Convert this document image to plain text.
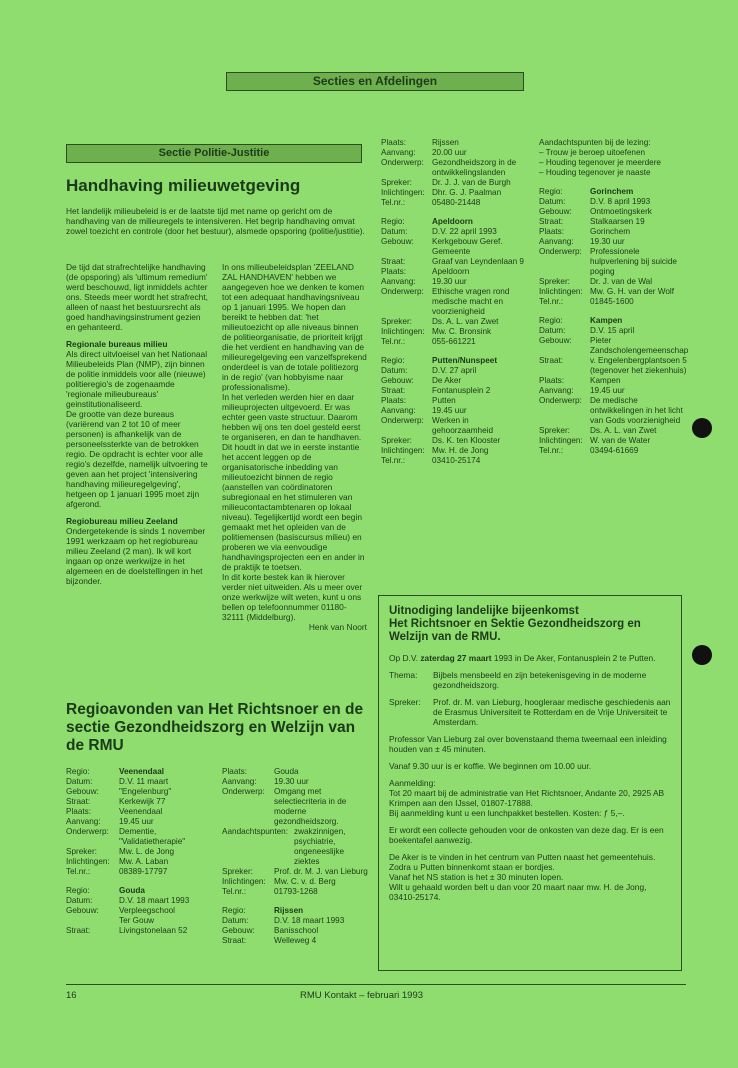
Secties en Afdelingen
Sectie Politie-Justitie
Handhaving milieuwetgeving

Het landelijk milieubeleid is er de laatste tijd met name op gericht om de handhaving van de milieuregels te intensiveren. Het begrip handhaving omvat zowel toezicht en controle (door het bestuur), alsmede opsporing (politie/justitie).

De tijd dat strafrechtelijke handhaving (de opsporing) als 'ultimum remedium' werd beschouwd, ligt inmiddels achter ons. Steeds meer wordt het strafrecht, alleen of naast het bestuursrecht als goed handhavingsinstrument gezien en gehanteerd.

Regionale bureaus milieu

Als direct uitvloeisel van het Nationaal Milieubeleids Plan (NMP), zijn binnen de politie inmiddels voor alle (nieuwe) politieregio's de zogenaamde 'regionale milieubureaus' geinstitutionaliseerd.

De grootte van deze bureaus (variërend van 2 tot 10 of meer personen) is afhankelijk van de personeelssterkte van de betrokken regio. De opdracht is echter voor alle regio's dezelfde, namelijk uitvoering te geven aan het project 'intensivering handhaving milieuregelgeving', hetgeen op 1 januari 1995 moet zijn afgerond.

Regiobureau milieu Zeeland

Ondergetekende is sinds 1 november 1991 werkzaam op het regiobureau milieu Zeeland (2 man). Ik wil kort ingaan op onze werkwijze in het algemeen en de doelstellingen in het bijzonder.

In ons milieubeleidsplan 'ZEELAND ZAL HANDHAVEN' hebben we aangegeven hoe we denken te komen tot een adequaat handhavingsniveau op 1 januari 1995. We hopen dan bereikt te hebben dat: 'het milieutoezicht op alle niveaus binnen de politieorganisatie, de prioriteit krijgt die het verdient en handhaving van de milieuregelgeving een vanzelfsprekend onderdeel is van de totale politiezorg in de regio' (van hobbyisme naar professionalisme).

In het verleden werden hier en daar milieuprojecten uitgevoerd. Er was echter geen vaste structuur. Daarom hebben wij ons ten doel gesteld eerst te organiseren, en dan te handhaven. Dit houdt in dat we in eerste instantie het accent leggen op de organisatorische inbedding van milieutoezicht binnen de regio (aanstellen van coördinatoren subregionaal en het stimuleren van milieucontactambtenaren op lokaal niveau). Tegelijkertijd wordt een begin gemaakt met het opleiden van de politiemensen (basiscursus milieu) en proberen we via eenvoudige handhavingsprojecten een en ander in de praktijk te toetsen.

In dit korte bestek kan ik hierover verder niet uitweiden. Als u meer over onze werkwijze wilt weten, kunt u ons bellen op telefoonnummer 01180-32111 (Middelburg).

Henk van Noort
Regioavonden van Het Richtsnoer en de sectie Gezondheidszorg en Welzijn van de RMU
Regio:	Veenendaal
Datum:	D.V. 11 maart
Gebouw:	"Engelenburg"
Straat:	Kerkewijk 77
Plaats:	Veenendaal
Aanvang:	19.45 uur
Onderwerp:	Dementie, "Validatietherapie"
Spreker:	Mw. L. de Jong
Inlichtingen:	Mw. A. Laban
Tel.nr.:	08389-17797
Regio:	Gouda
Datum:	D.V. 18 maart 1993
Gebouw:	Verpleegschool Ter Gouw
Straat:	Livingstonelaan 52
Plaats:	Gouda
Aanvang:	19.30 uur
Onderwerp:	Omgang met selectiecriteria in de moderne gezondheidszorg.
Aandachtspunten: zwakzinnigen, psychiatrie, ongeneeslijke ziektes
Spreker:	Prof. dr. M. J. van Lieburg
Inlichtingen:	Mw. C. v. d. Berg
Tel.nr.:	01793-1268
Regio:	Rijssen
Datum:	D.V. 18 maart 1993
Gebouw:	Banisschool
Straat:	Welleweg 4
Plaats:	Rijssen
Aanvang:	20.00 uur
Onderwerp:	Gezondheidszorg in de ontwikkelingslanden
Spreker:	Dr. J. J. van de Burgh
Inlichtingen: Dhr. G. J. Paalman
Tel.nr.:	05480-21448
Regio:	Apeldoorn
Datum:	D.V. 22 april 1993
Gebouw:	Kerkgebouw Geref. Gemeente
Straat:	Graaf van Leyndenlaan 9
Plaats:	Apeldoorn
Aanvang:	19.30 uur
Onderwerp:	Ethische vragen rond medische macht en voorzienigheid
Spreker:	Ds. A. L. van Zwet
Inlichtingen: Mw. C. Bronsink
Tel.nr.:	055-661221
Regio:	Putten/Nunspeet
Datum:	D.V. 27 april
Gebouw:	De Aker
Straat:	Fontanusplein 2
Plaats:	Putten
Aanvang:	19.45 uur
Onderwerp:	Werken in gehoorzaamheid
Spreker:	Ds. K. ten Klooster
Inlichtingen: Mw. H. de Jong
Tel.nr.:	03410-25174
Aandachtspunten bij de lezing:
– Trouw je beroep uitoefenen
– Houding tegenover je meerdere
– Houding tegenover je naaste
Regio:	Gorinchem
Datum:	D.V. 8 april 1993
Gebouw:	Ontmoetingskerk
Straat:	Stalkaarsen 19
Plaats:	Gorinchem
Aanvang:	19.30 uur
Onderwerp:	Professionele hulpverlening bij suicide poging
Spreker:	Dr. J. van de Wal
Inlichtingen: Mw. G. H. van der Wolf
Tel.nr.:	01845-1600
Regio:	Kampen
Datum:	D.V. 15 april
Gebouw:	Pieter Zandscholengemeenschap
Straat:	v. Engelenbergplantsoen 5 (tegenover het ziekenhuis)
Plaats:	Kampen
Aanvang:	19.45 uur
Onderwerp:	De medische ontwikkelingen in het licht van Gods voorzienigheid
Spreker:	Ds. A. L. van Zwet
Inlichtingen: W. van de Water
Tel.nr.:	03494-61669
Uitnodiging landelijke bijeenkomst
Het Richtsnoer en Sektie Gezondheidszorg en Welzijn van de RMU.

Op D.V. zaterdag 27 maart 1993 in De Aker, Fontanusplein 2 te Putten.

Thema:	Bijbels mensbeeld en zijn betekenisgeving in de moderne gezondheidszorg.
Spreker:	Prof. dr. M. van Lieburg, hoogleraar medische geschiedenis aan de Erasmus Universiteit te Rotterdam en de Vrije Universiteit te Amsterdam.

Professor Van Lieburg zal over bovenstaand thema tweemaal een inleiding houden van ± 45 minuten.

Vanaf 9.30 uur is er koffie. We beginnen om 10.00 uur.

Aanmelding:
Tot 20 maart bij de administratie van Het Richtsnoer, Andante 20, 2925 AB Krimpen aan den IJssel, 01807-17888.

Bij aanmelding kunt u een lunchpakket bestellen. Kosten: ƒ 5,–.

Er wordt een collecte gehouden voor de onkosten van deze dag. Er is een boekentafel aanwezig.

De Aker is te vinden in het centrum van Putten naast het gemeentehuis. Zodra u Putten binnenkomt staan er bordjes.
Vanaf het NS station is het ± 30 minuten lopen.
Wilt u gehaald worden belt u dan voor 20 maart naar mw. H. de Jong, 03410-25174.
16	RMU Kontakt – februari 1993
